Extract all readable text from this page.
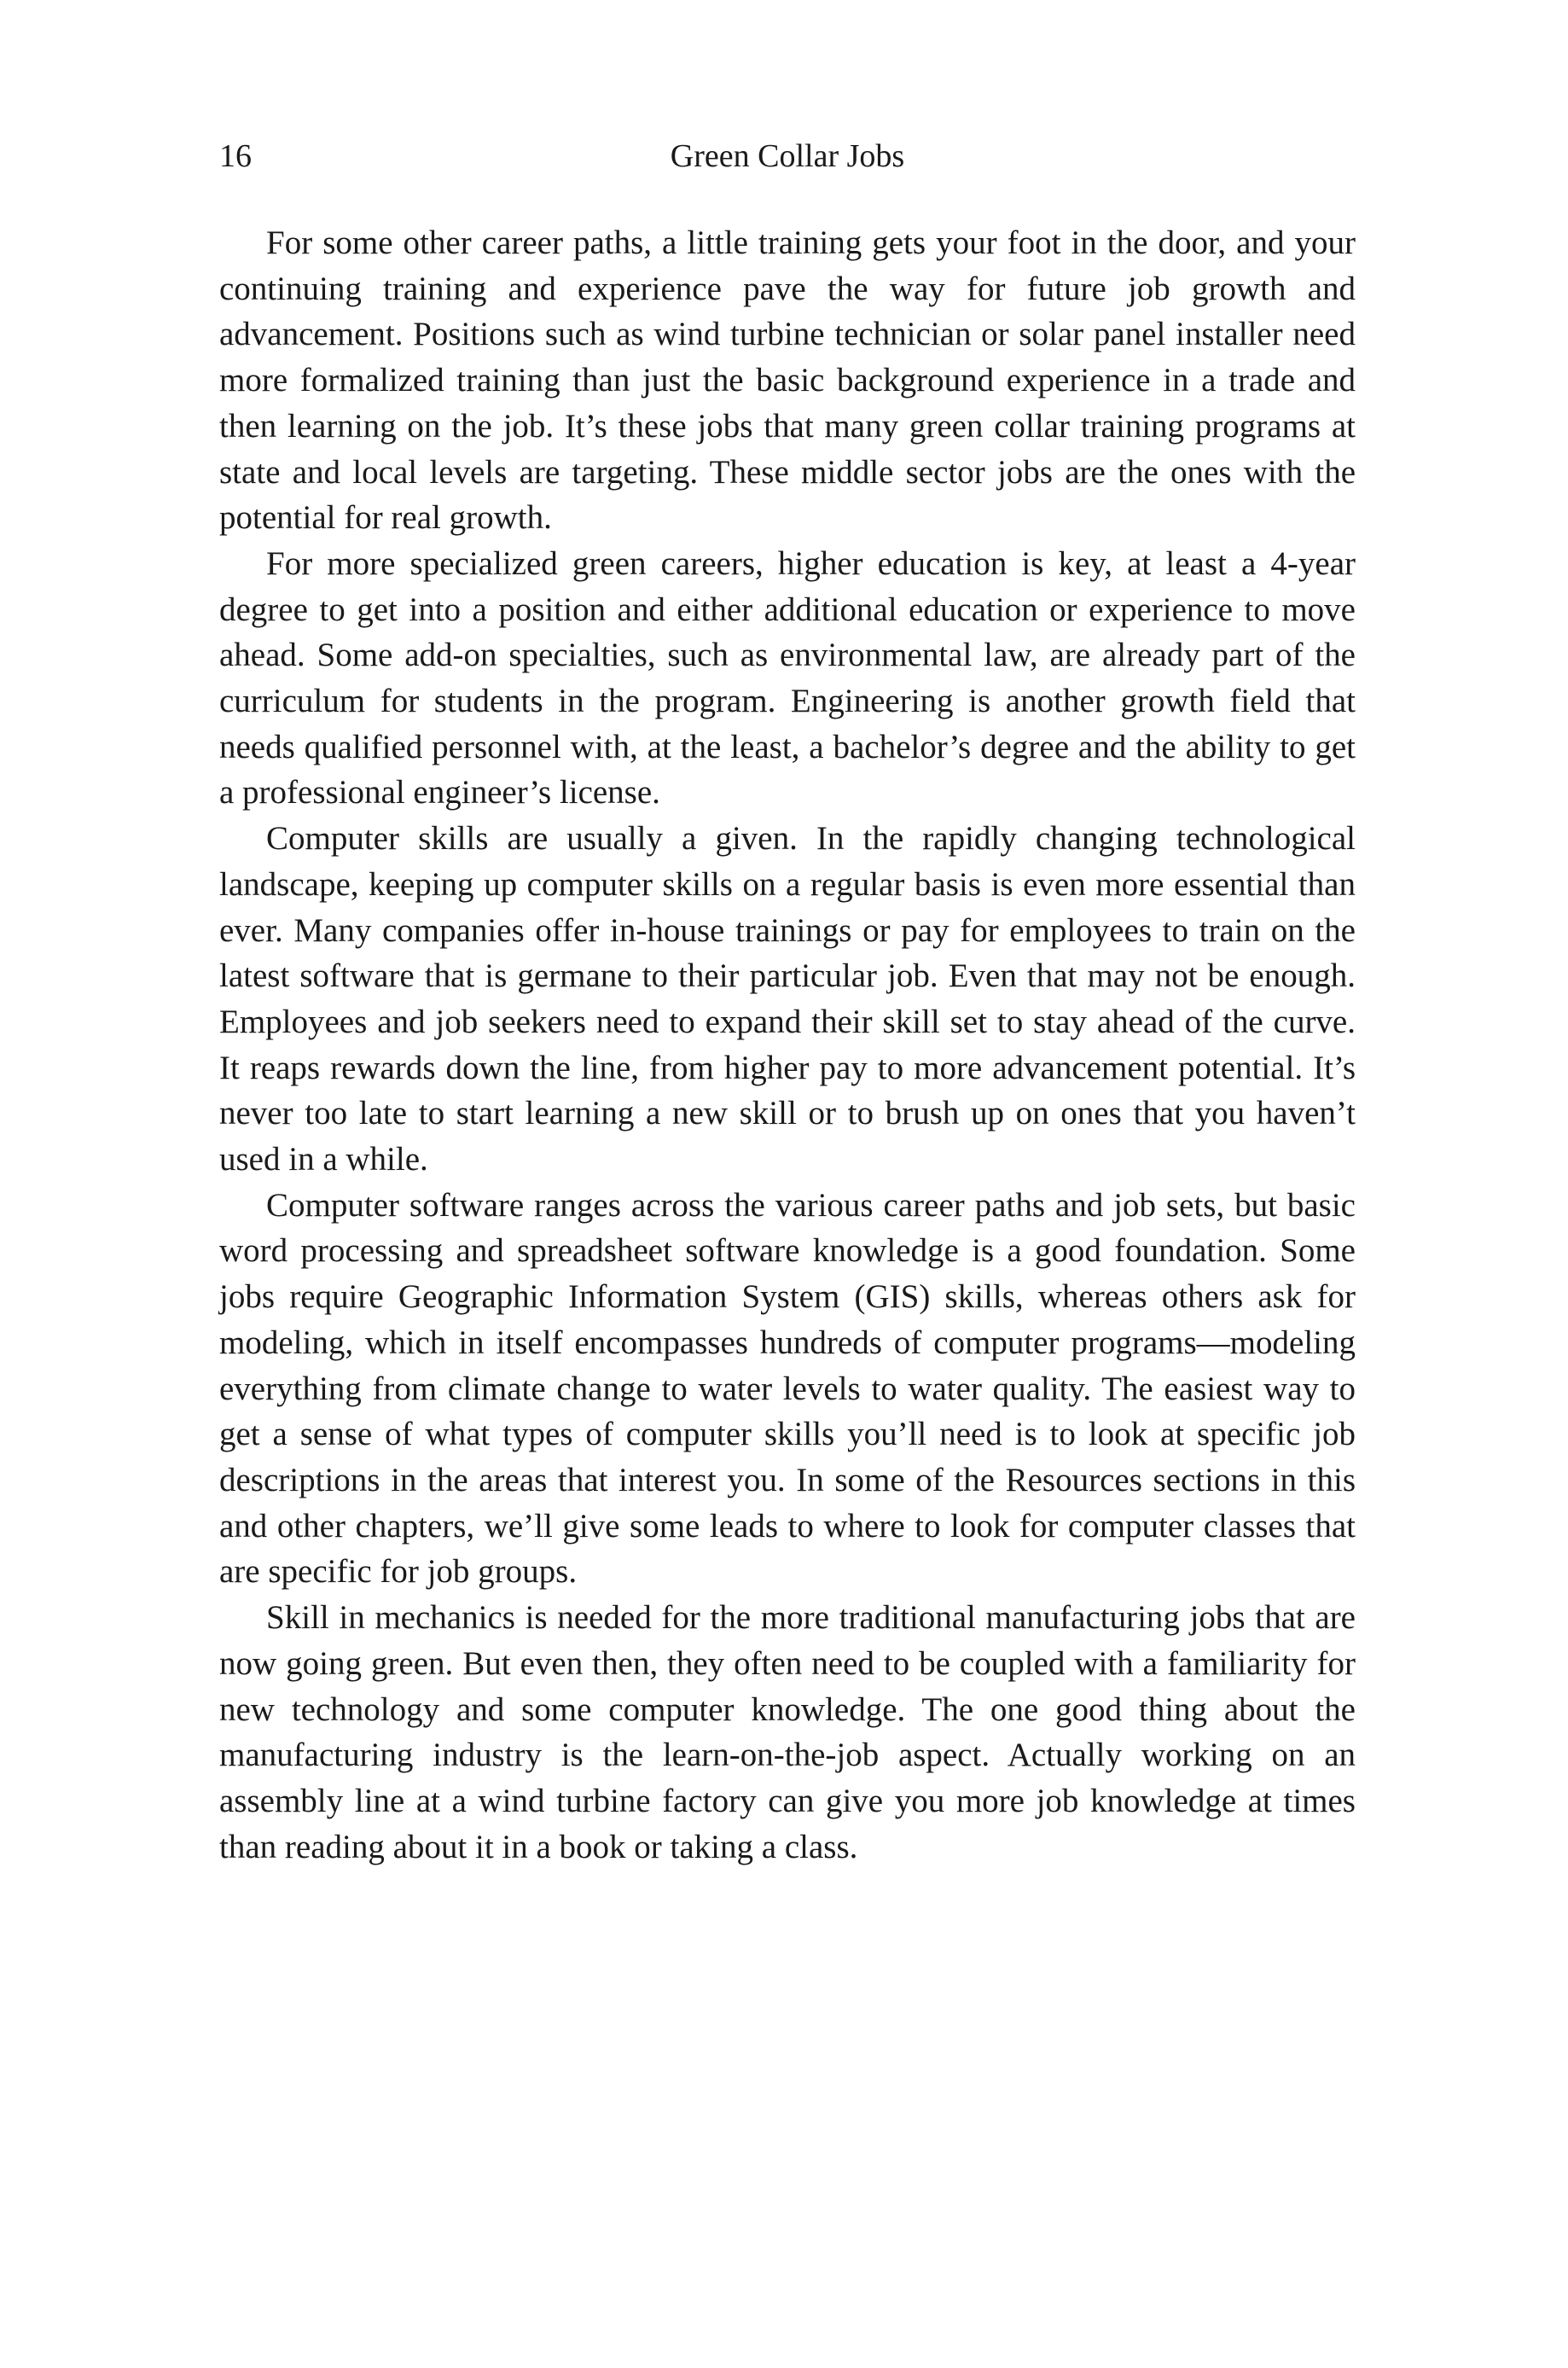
16	Green Collar Jobs

For some other career paths, a little training gets your foot in the door, and your continuing training and experience pave the way for future job growth and advancement. Positions such as wind turbine technician or solar panel installer need more formalized training than just the basic background experience in a trade and then learning on the job. It’s these jobs that many green collar training programs at state and local levels are targeting. These middle sector jobs are the ones with the potential for real growth.

For more specialized green careers, higher education is key, at least a 4-year degree to get into a position and either additional education or experience to move ahead. Some add-on specialties, such as environmental law, are already part of the curriculum for students in the program. Engineering is another growth field that needs qualified personnel with, at the least, a bachelor’s degree and the ability to get a professional engineer’s license.

Computer skills are usually a given. In the rapidly changing technological landscape, keeping up computer skills on a regular basis is even more essential than ever. Many companies offer in-house trainings or pay for employees to train on the latest software that is germane to their particular job. Even that may not be enough. Employees and job seekers need to expand their skill set to stay ahead of the curve. It reaps rewards down the line, from higher pay to more advancement potential. It’s never too late to start learning a new skill or to brush up on ones that you haven’t used in a while.

Computer software ranges across the various career paths and job sets, but basic word processing and spreadsheet software knowledge is a good foundation. Some jobs require Geographic Information System (GIS) skills, whereas others ask for modeling, which in itself encompasses hundreds of computer programs—modeling everything from climate change to water levels to water quality. The easiest way to get a sense of what types of computer skills you’ll need is to look at specific job descriptions in the areas that interest you. In some of the Resources sections in this and other chapters, we’ll give some leads to where to look for computer classes that are specific for job groups.

Skill in mechanics is needed for the more traditional manufacturing jobs that are now going green. But even then, they often need to be coupled with a familiarity for new technology and some computer knowledge. The one good thing about the manufacturing industry is the learn-on-the-job aspect. Actually working on an assembly line at a wind turbine factory can give you more job knowledge at times than reading about it in a book or taking a class.
